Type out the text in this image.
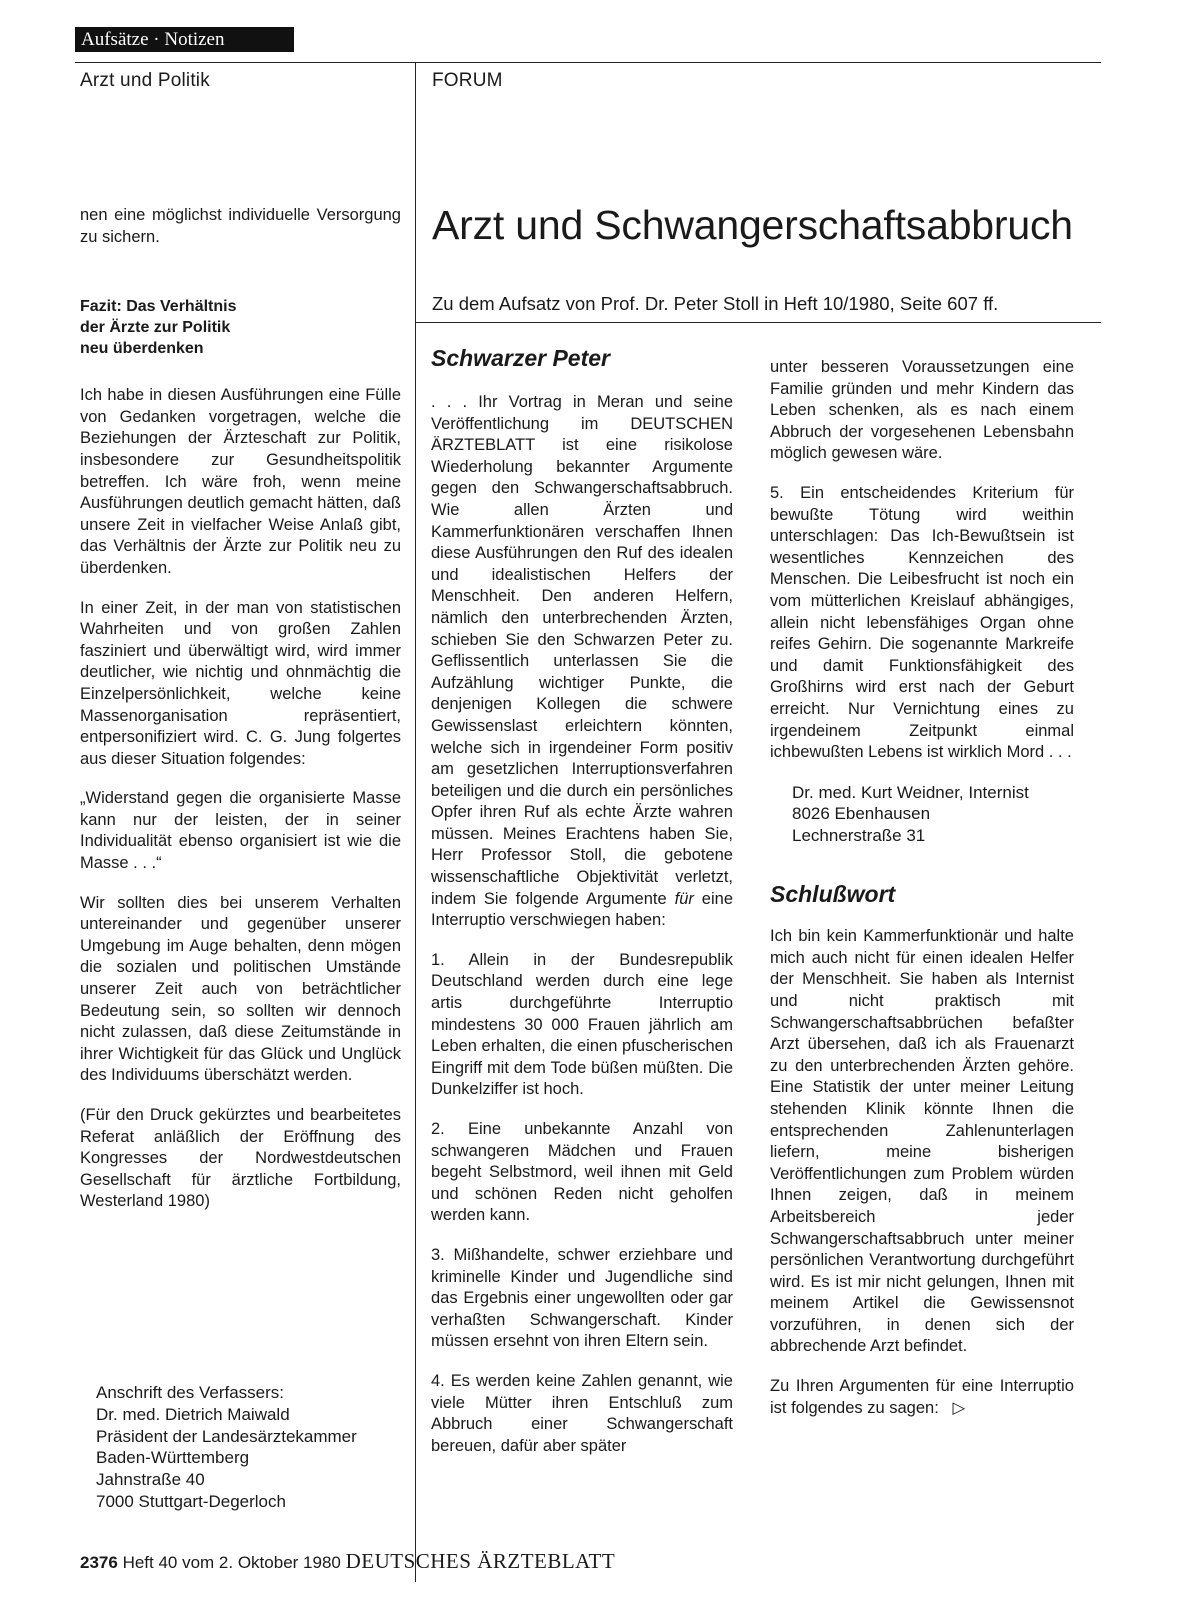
Aufsätze · Notizen
Arzt und Politik	FORUM

nen eine möglichst individuelle Versorgung zu sichern.

Fazit: Das Verhältnis
der Ärzte zur Politik
neu überdenken

Ich habe in diesen Ausführungen eine Fülle von Gedanken vorgetragen, welche die Beziehungen der Ärzteschaft zur Politik, insbesondere zur Gesundheitspolitik betreffen. Ich wäre froh, wenn meine Ausführungen deutlich gemacht hätten, daß unsere Zeit in vielfacher Weise Anlaß gibt, das Verhältnis der Ärzte zur Politik neu zu überdenken.

In einer Zeit, in der man von statistischen Wahrheiten und von großen Zahlen fasziniert und überwältigt wird, wird immer deutlicher, wie nichtig und ohnmächtig die Einzelpersönlichkeit, welche keine Massenorganisation repräsentiert, entpersonifiziert wird. C. G. Jung folgertes aus dieser Situation folgendes:

„Widerstand gegen die organisierte Masse kann nur der leisten, der in seiner Individualität ebenso organisiert ist wie die Masse . . .“

Wir sollten dies bei unserem Verhalten untereinander und gegenüber unserer Umgebung im Auge behalten, denn mögen die sozialen und politischen Umstände unserer Zeit auch von beträchtlicher Bedeutung sein, so sollten wir dennoch nicht zulassen, daß diese Zeitumstände in ihrer Wichtigkeit für das Glück und Unglück des Individuums überschätzt werden.

(Für den Druck gekürztes und bearbeitetes Referat anläßlich der Eröffnung des Kongresses der Nordwestdeutschen Gesellschaft für ärztliche Fortbildung, Westerland 1980)

Anschrift des Verfassers:
Dr. med. Dietrich Maiwald
Präsident der Landesärztekammer
Baden-Württemberg
Jahnstraße 40
7000 Stuttgart-Degerloch
Arzt und Schwangerschaftsabbruch
Zu dem Aufsatz von Prof. Dr. Peter Stoll in Heft 10/1980, Seite 607 ff.
Schwarzer Peter

. . . Ihr Vortrag in Meran und seine Veröffentlichung im DEUTSCHEN ÄRZTEBLATT ist eine risikolose Wiederholung bekannter Argumente gegen den Schwangerschaftsabbruch. Wie allen Ärzten und Kammerfunktionären verschaffen Ihnen diese Ausführungen den Ruf des idealen und idealistischen Helfers der Menschheit. Den anderen Helfern, nämlich den unterbrechenden Ärzten, schieben Sie den Schwarzen Peter zu. Geflissentlich unterlassen Sie die Aufzählung wichtiger Punkte, die denjenigen Kollegen die schwere Gewissenslast erleichtern könnten, welche sich in irgendeiner Form positiv am gesetzlichen Interruptionsverfahren beteiligen und die durch ein persönliches Opfer ihren Ruf als echte Ärzte wahren müssen. Meines Erachtens haben Sie, Herr Professor Stoll, die gebotene wissenschaftliche Objektivität verletzt, indem Sie folgende Argumente für eine Interruptio verschwiegen haben:

1. Allein in der Bundesrepublik Deutschland werden durch eine lege artis durchgeführte Interruptio mindestens 30 000 Frauen jährlich am Leben erhalten, die einen pfuscherischen Eingriff mit dem Tode büßen müßten. Die Dunkelziffer ist hoch.

2. Eine unbekannte Anzahl von schwangeren Mädchen und Frauen begeht Selbstmord, weil ihnen mit Geld und schönen Reden nicht geholfen werden kann.

3. Mißhandelte, schwer erziehbare und kriminelle Kinder und Jugendliche sind das Ergebnis einer ungewollten oder gar verhaßten Schwangerschaft. Kinder müssen ersehnt von ihren Eltern sein.

4. Es werden keine Zahlen genannt, wie viele Mütter ihren Entschluß zum Abbruch einer Schwangerschaft bereuen, dafür aber später

unter besseren Voraussetzungen eine Familie gründen und mehr Kindern das Leben schenken, als es nach einem Abbruch der vorgesehenen Lebensbahn möglich gewesen wäre.

5. Ein entscheidendes Kriterium für bewußte Tötung wird weithin unterschlagen: Das Ich-Bewußtsein ist wesentliches Kennzeichen des Menschen. Die Leibesfrucht ist noch ein vom mütterlichen Kreislauf abhängiges, allein nicht lebensfähiges Organ ohne reifes Gehirn. Die sogenannte Markreife und damit Funktionsfähigkeit des Großhirns wird erst nach der Geburt erreicht. Nur Vernichtung eines zu irgendeinem Zeitpunkt einmal ichbewußten Lebens ist wirklich Mord . . .

Dr. med. Kurt Weidner, Internist
8026 Ebenhausen
Lechnerstraße 31
Schlußwort

Ich bin kein Kammerfunktionär und halte mich auch nicht für einen idealen Helfer der Menschheit. Sie haben als Internist und nicht praktisch mit Schwangerschaftsabbrüchen befaßter Arzt übersehen, daß ich als Frauenarzt zu den unterbrechenden Ärzten gehöre. Eine Statistik der unter meiner Leitung stehenden Klinik könnte Ihnen die entsprechenden Zahlenunterlagen liefern, meine bisherigen Veröffentlichungen zum Problem würden Ihnen zeigen, daß in meinem Arbeitsbereich jeder Schwangerschaftsabbruch unter meiner persönlichen Verantwortung durchgeführt wird. Es ist mir nicht gelungen, Ihnen mit meinem Artikel die Gewissensnot vorzuführen, in denen sich der abbrechende Arzt befindet.

Zu Ihren Argumenten für eine Interruptio ist folgendes zu sagen: ▷

2376 Heft 40 vom 2. Oktober 1980 DEUTSCHES ÄRZTEBLATT
